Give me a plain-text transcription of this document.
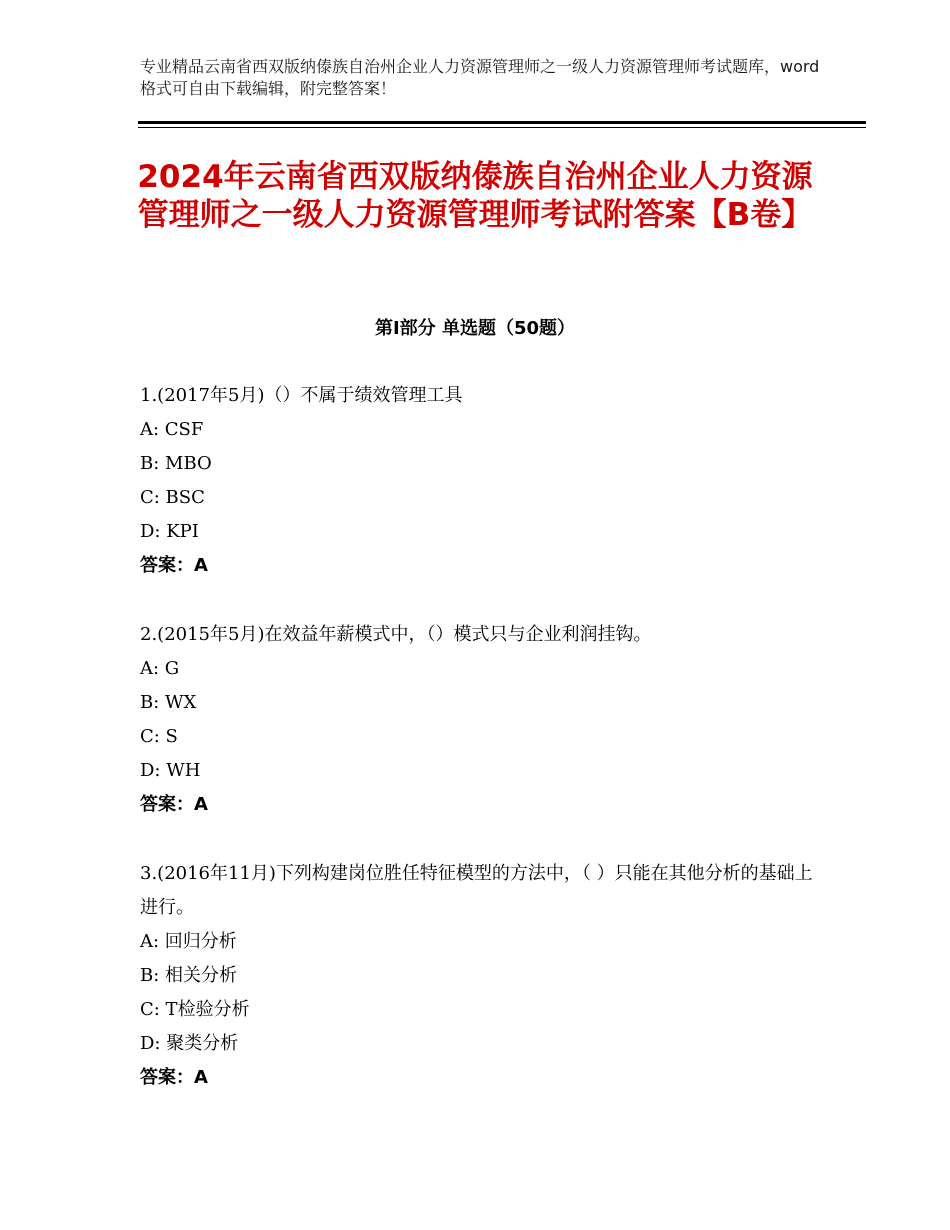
专业精品云南省西双版纳傣族自治州企业人力资源管理师之一级人力资源管理师考试题库，word格式可自由下载编辑，附完整答案！
2024年云南省西双版纳傣族自治州企业人力资源管理师之一级人力资源管理师考试附答案【B卷】
第Ⅰ部分 单选题（50题）

1.(2017年5月)（）不属于绩效管理工具

A: CSF

B: MBO

C: BSC

D: KPI

答案：A

2.(2015年5月)在效益年薪模式中，（）模式只与企业利润挂钩。

A: G

B: WX

C: S

D: WH

答案：A

3.(2016年11月)下列构建岗位胜任特征模型的方法中，（ ）只能在其他分析的基础上进行。

A: 回归分析

B: 相关分析

C: T检验分析

D: 聚类分析

答案：A
